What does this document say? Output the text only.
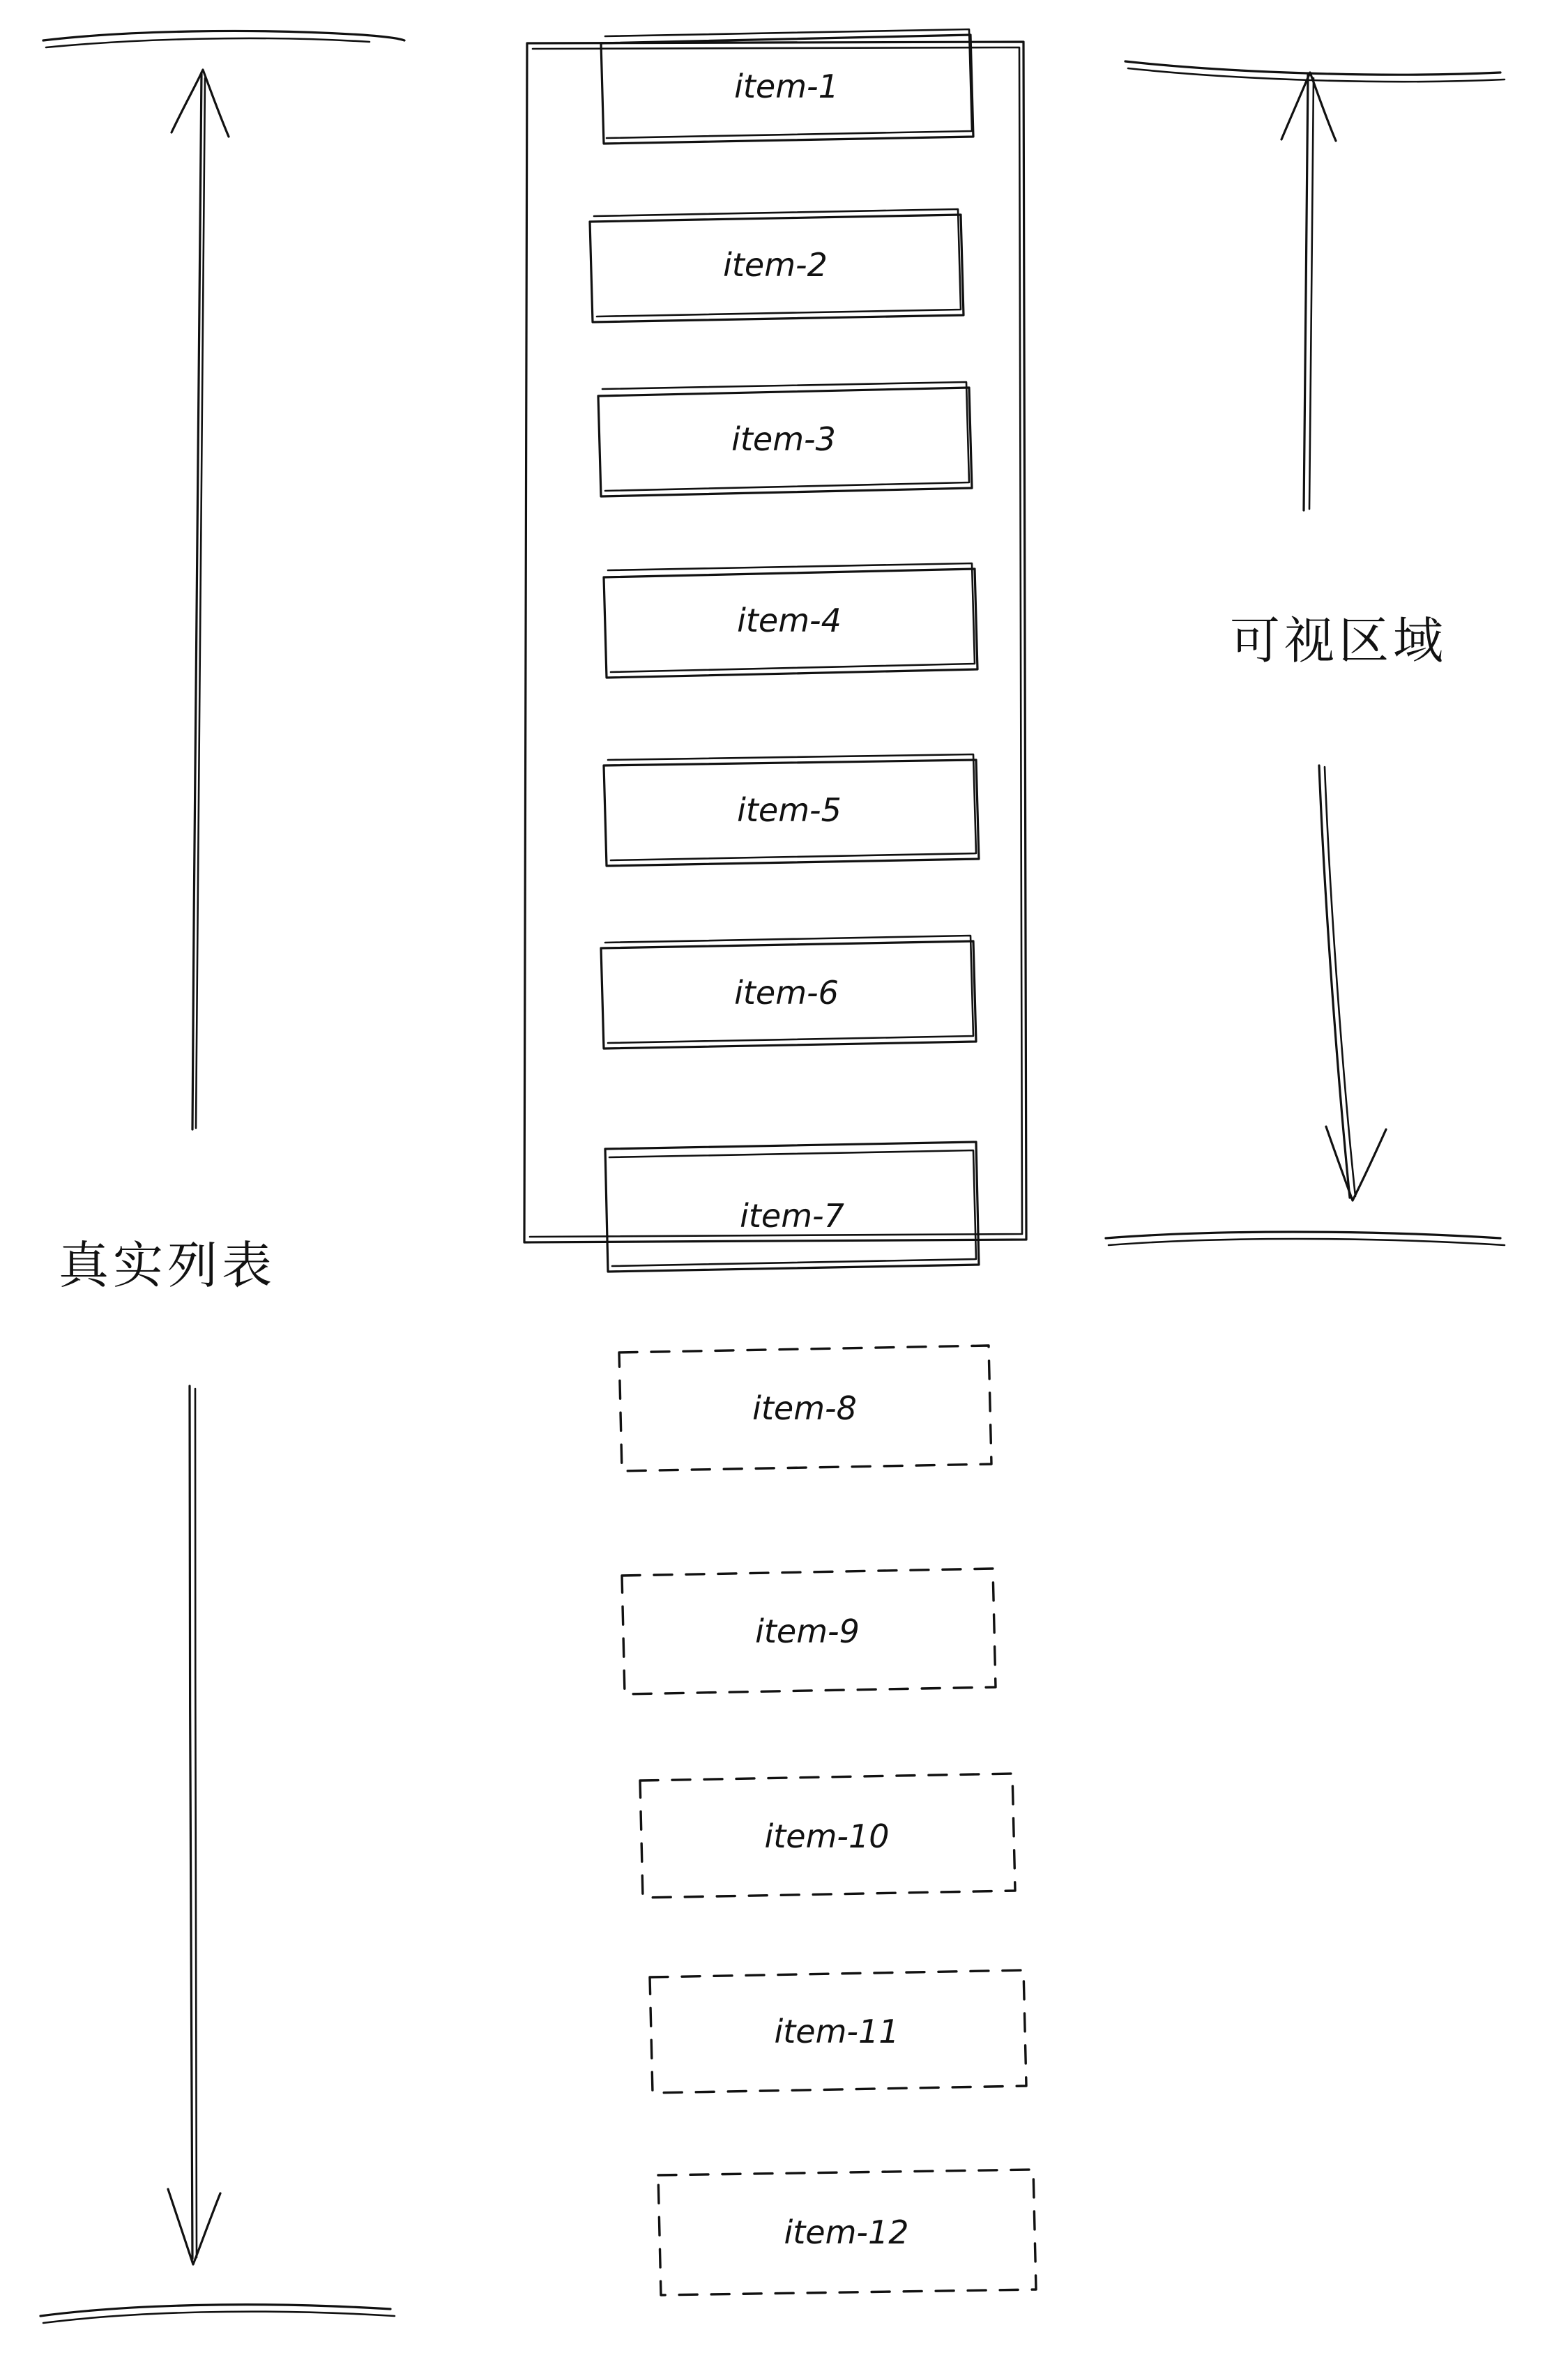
真实列表
item-1
item-2
item-3
item-4
item-5
item-6
item-7
item-8
item-9
item-10
item-11
item-12
可视区域
